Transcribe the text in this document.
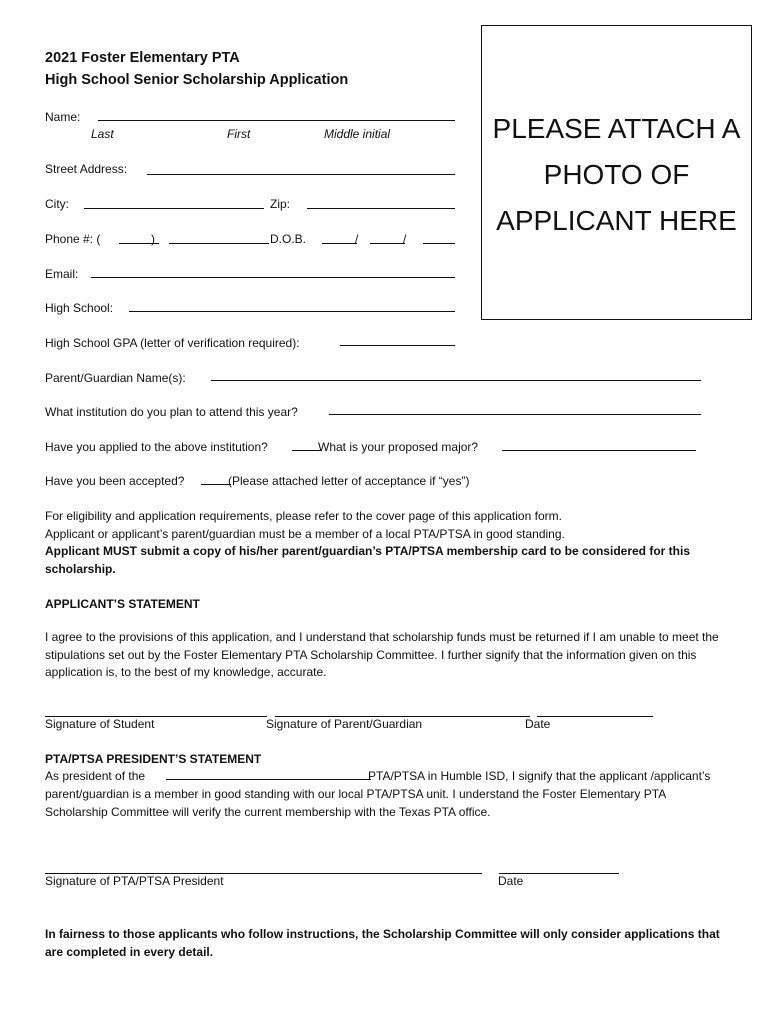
2021 Foster Elementary PTA
High School Senior Scholarship Application
PLEASE ATTACH A
PHOTO OF
APPLICANT HERE
Name:
Last	First	Middle initial
Street Address:
City:	Zip:
Phone #: (	)	D.O.B.	/	/
Email:
High School:
High School GPA (letter of verification required):
Parent/Guardian Name(s):
What institution do you plan to attend this year?
Have you applied to the above institution?	What is your proposed major?
Have you been accepted?	(Please attached letter of acceptance if “yes”)
For eligibility and application requirements, please refer to the cover page of this application form.
Applicant or applicant’s parent/guardian must be a member of a local PTA/PTSA in good standing.
Applicant MUST submit a copy of his/her parent/guardian’s PTA/PTSA membership card to be considered for this scholarship.
APPLICANT’S STATEMENT
I agree to the provisions of this application, and I understand that scholarship funds must be returned if I am unable to meet the stipulations set out by the Foster Elementary PTA Scholarship Committee. I further signify that the information given on this application is, to the best of my knowledge, accurate.
Signature of Student	Signature of Parent/Guardian	Date
PTA/PTSA PRESIDENT’S STATEMENT
As president of the	PTA/PTSA in Humble ISD, I signify that the applicant /applicant’s
parent/guardian is a member in good standing with our local PTA/PTSA unit. I understand the Foster Elementary PTA
Scholarship Committee will verify the current membership with the Texas PTA office.
Signature of PTA/PTSA President	Date
In fairness to those applicants who follow instructions, the Scholarship Committee will only consider applications that are completed in every detail.
